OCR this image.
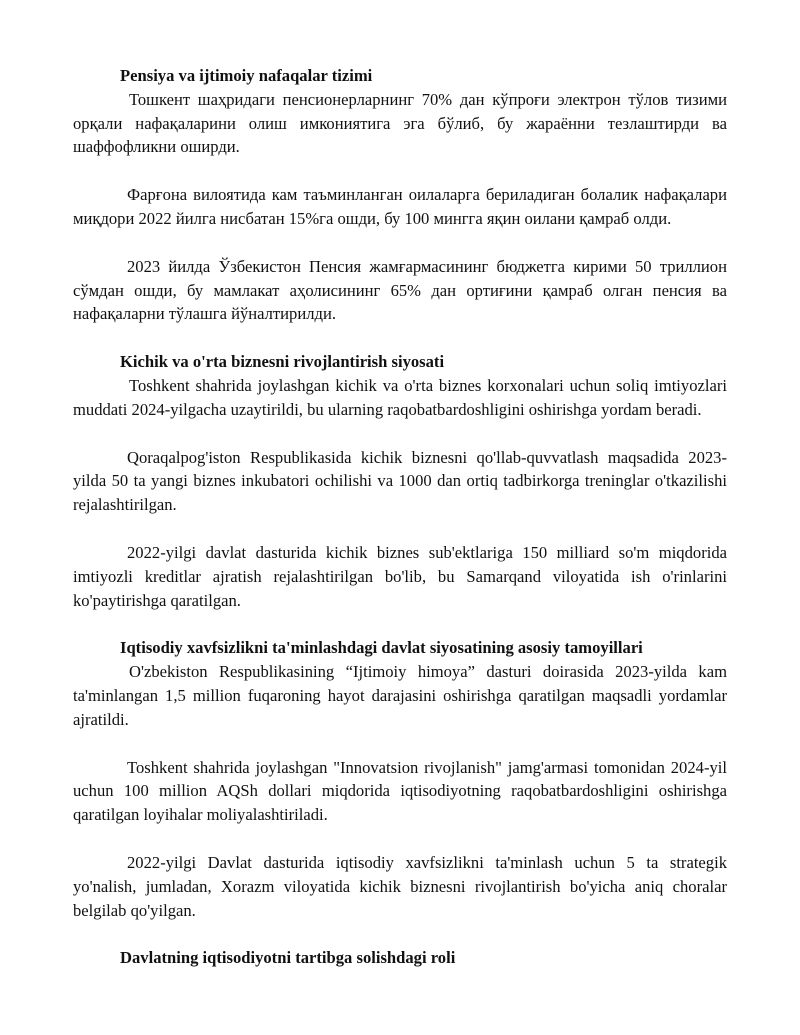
Pensiya va ijtimoiy nafaqalar tizimi

Тошкент шаҳридаги пенсионерларнинг 70% дан кўпроғи электрон тўлов тизими орқали нафақаларини олиш имкониятига эга бўлиб, бу жараённи тезлаштирди ва шаффофликни оширди.

Фарғона вилоятида кам таъминланган оилаларга бериладиган болалик нафақалари миқдори 2022 йилга нисбатан 15%га ошди, бу 100 мингга яқин оилани қамраб олди.

2023 йилда Ўзбекистон Пенсия жамғармасининг бюджетга кирими 50 триллион сўмдан ошди, бу мамлакат аҳолисининг 65% дан ортиғини қамраб олган пенсия ва нафақаларни тўлашга йўналтирилди.

Kichik va o'rta biznesni rivojlantirish siyosati

Toshkent shahrida joylashgan kichik va o'rta biznes korxonalari uchun soliq imtiyozlari muddati 2024-yilgacha uzaytirildi, bu ularning raqobatbardoshligini oshirishga yordam beradi.

Qoraqalpog'iston Respublikasida kichik biznesni qo'llab-quvvatlash maqsadida 2023-yilda 50 ta yangi biznes inkubatori ochilishi va 1000 dan ortiq tadbirkorga treninglar o'tkazilishi rejalashtirilgan.

2022-yilgi davlat dasturida kichik biznes sub'ektlariga 150 milliard so'm miqdorida imtiyozli kreditlar ajratish rejalashtirilgan bo'lib, bu Samarqand viloyatida ish o'rinlarini ko'paytirishga qaratilgan.

Iqtisodiy xavfsizlikni ta'minlashdagi davlat siyosatining asosiy tamoyillari

O'zbekiston Respublikasining “Ijtimoiy himoya” dasturi doirasida 2023-yilda kam ta'minlangan 1,5 million fuqaroning hayot darajasini oshirishga qaratilgan maqsadli yordamlar ajratildi.

Toshkent shahrida joylashgan "Innovatsion rivojlanish" jamg'armasi tomonidan 2024-yil uchun 100 million AQSh dollari miqdorida iqtisodiyotning raqobatbardoshligini oshirishga qaratilgan loyihalar moliyalashtiriladi.

2022-yilgi Davlat dasturida iqtisodiy xavfsizlikni ta'minlash uchun 5 ta strategik yo'nalish, jumladan, Xorazm viloyatida kichik biznesni rivojlantirish bo'yicha aniq choralar belgilab qo'yilgan.

Davlatning iqtisodiyotni tartibga solishdagi roli
